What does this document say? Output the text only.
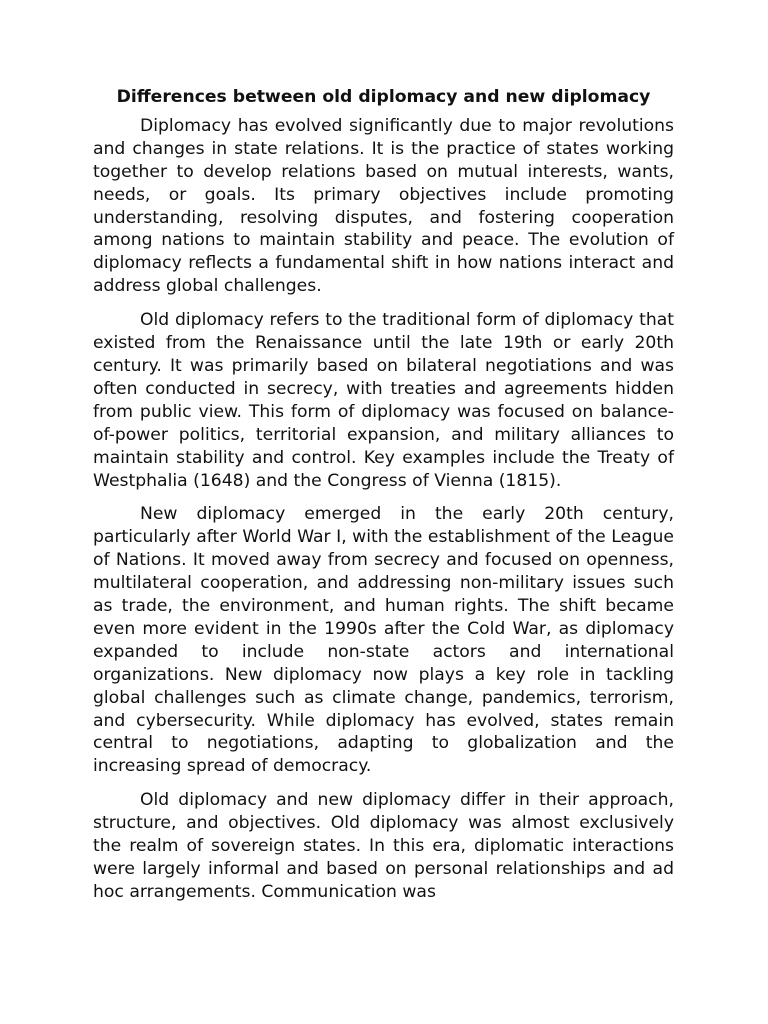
Differences between old diplomacy and new diplomacy

Diplomacy has evolved significantly due to major revolutions and changes in state relations. It is the practice of states working together to develop relations based on mutual interests, wants, needs, or goals. Its primary objectives include promoting understanding, resolving disputes, and fostering cooperation among nations to maintain stability and peace. The evolution of diplomacy reflects a fundamental shift in how nations interact and address global challenges.

Old diplomacy refers to the traditional form of diplomacy that existed from the Renaissance until the late 19th or early 20th century. It was primarily based on bilateral negotiations and was often conducted in secrecy, with treaties and agreements hidden from public view. This form of diplomacy was focused on balance-of-power politics, territorial expansion, and military alliances to maintain stability and control. Key examples include the Treaty of Westphalia (1648) and the Congress of Vienna (1815).

New diplomacy emerged in the early 20th century, particularly after World War I, with the establishment of the League of Nations. It moved away from secrecy and focused on openness, multilateral cooperation, and addressing non-military issues such as trade, the environment, and human rights. The shift became even more evident in the 1990s after the Cold War, as diplomacy expanded to include non-state actors and international organizations. New diplomacy now plays a key role in tackling global challenges such as climate change, pandemics, terrorism, and cybersecurity. While diplomacy has evolved, states remain central to negotiations, adapting to globalization and the increasing spread of democracy.

Old diplomacy and new diplomacy differ in their approach, structure, and objectives. Old diplomacy was almost exclusively the realm of sovereign states. In this era, diplomatic interactions were largely informal and based on personal relationships and ad hoc arrangements. Communication was
